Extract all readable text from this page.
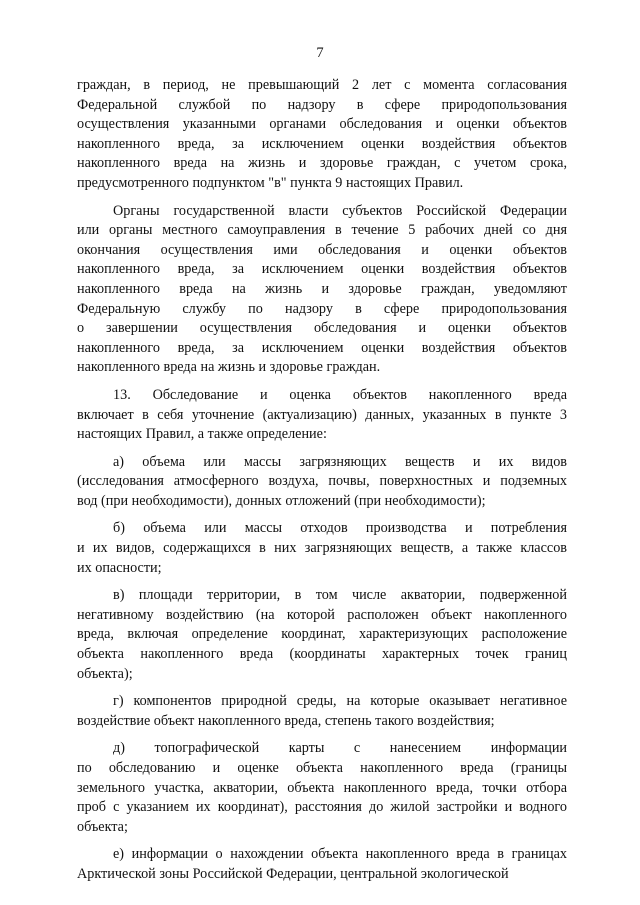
7
граждан, в период, не превышающий 2 лет с момента согласования
Федеральной службой по надзору в сфере природопользования
осуществления указанными органами обследования и оценки объектов
накопленного вреда, за исключением оценки воздействия объектов
накопленного вреда на жизнь и здоровье граждан, с учетом срока,
предусмотренного подпунктом "в" пункта 9 настоящих Правил.
Органы государственной власти субъектов Российской Федерации
или органы местного самоуправления в течение 5 рабочих дней со дня
окончания осуществления ими обследования и оценки объектов
накопленного вреда, за исключением оценки воздействия объектов
накопленного вреда на жизнь и здоровье граждан, уведомляют
Федеральную службу по надзору в сфере природопользования
о завершении осуществления обследования и оценки объектов
накопленного вреда, за исключением оценки воздействия объектов
накопленного вреда на жизнь и здоровье граждан.
13. Обследование и оценка объектов накопленного вреда
включает в себя уточнение (актуализацию) данных, указанных в пункте 3
настоящих Правил, а также определение:
а) объема или массы загрязняющих веществ и их видов
(исследования атмосферного воздуха, почвы, поверхностных и подземных
вод (при необходимости), донных отложений (при необходимости);
б) объема или массы отходов производства и потребления
и их видов, содержащихся в них загрязняющих веществ, а также классов
их опасности;
в) площади территории, в том числе акватории, подверженной
негативному воздействию (на которой расположен объект накопленного
вреда, включая определение координат, характеризующих расположение
объекта накопленного вреда (координаты характерных точек границ
объекта);
г) компонентов природной среды, на которые оказывает негативное
воздействие объект накопленного вреда, степень такого воздействия;
д) топографической карты с нанесением информации
по обследованию и оценке объекта накопленного вреда (границы
земельного участка, акватории, объекта накопленного вреда, точки отбора
проб с указанием их координат), расстояния до жилой застройки и водного
объекта;
е) информации о нахождении объекта накопленного вреда в границах
Арктической зоны Российской Федерации, центральной экологической
